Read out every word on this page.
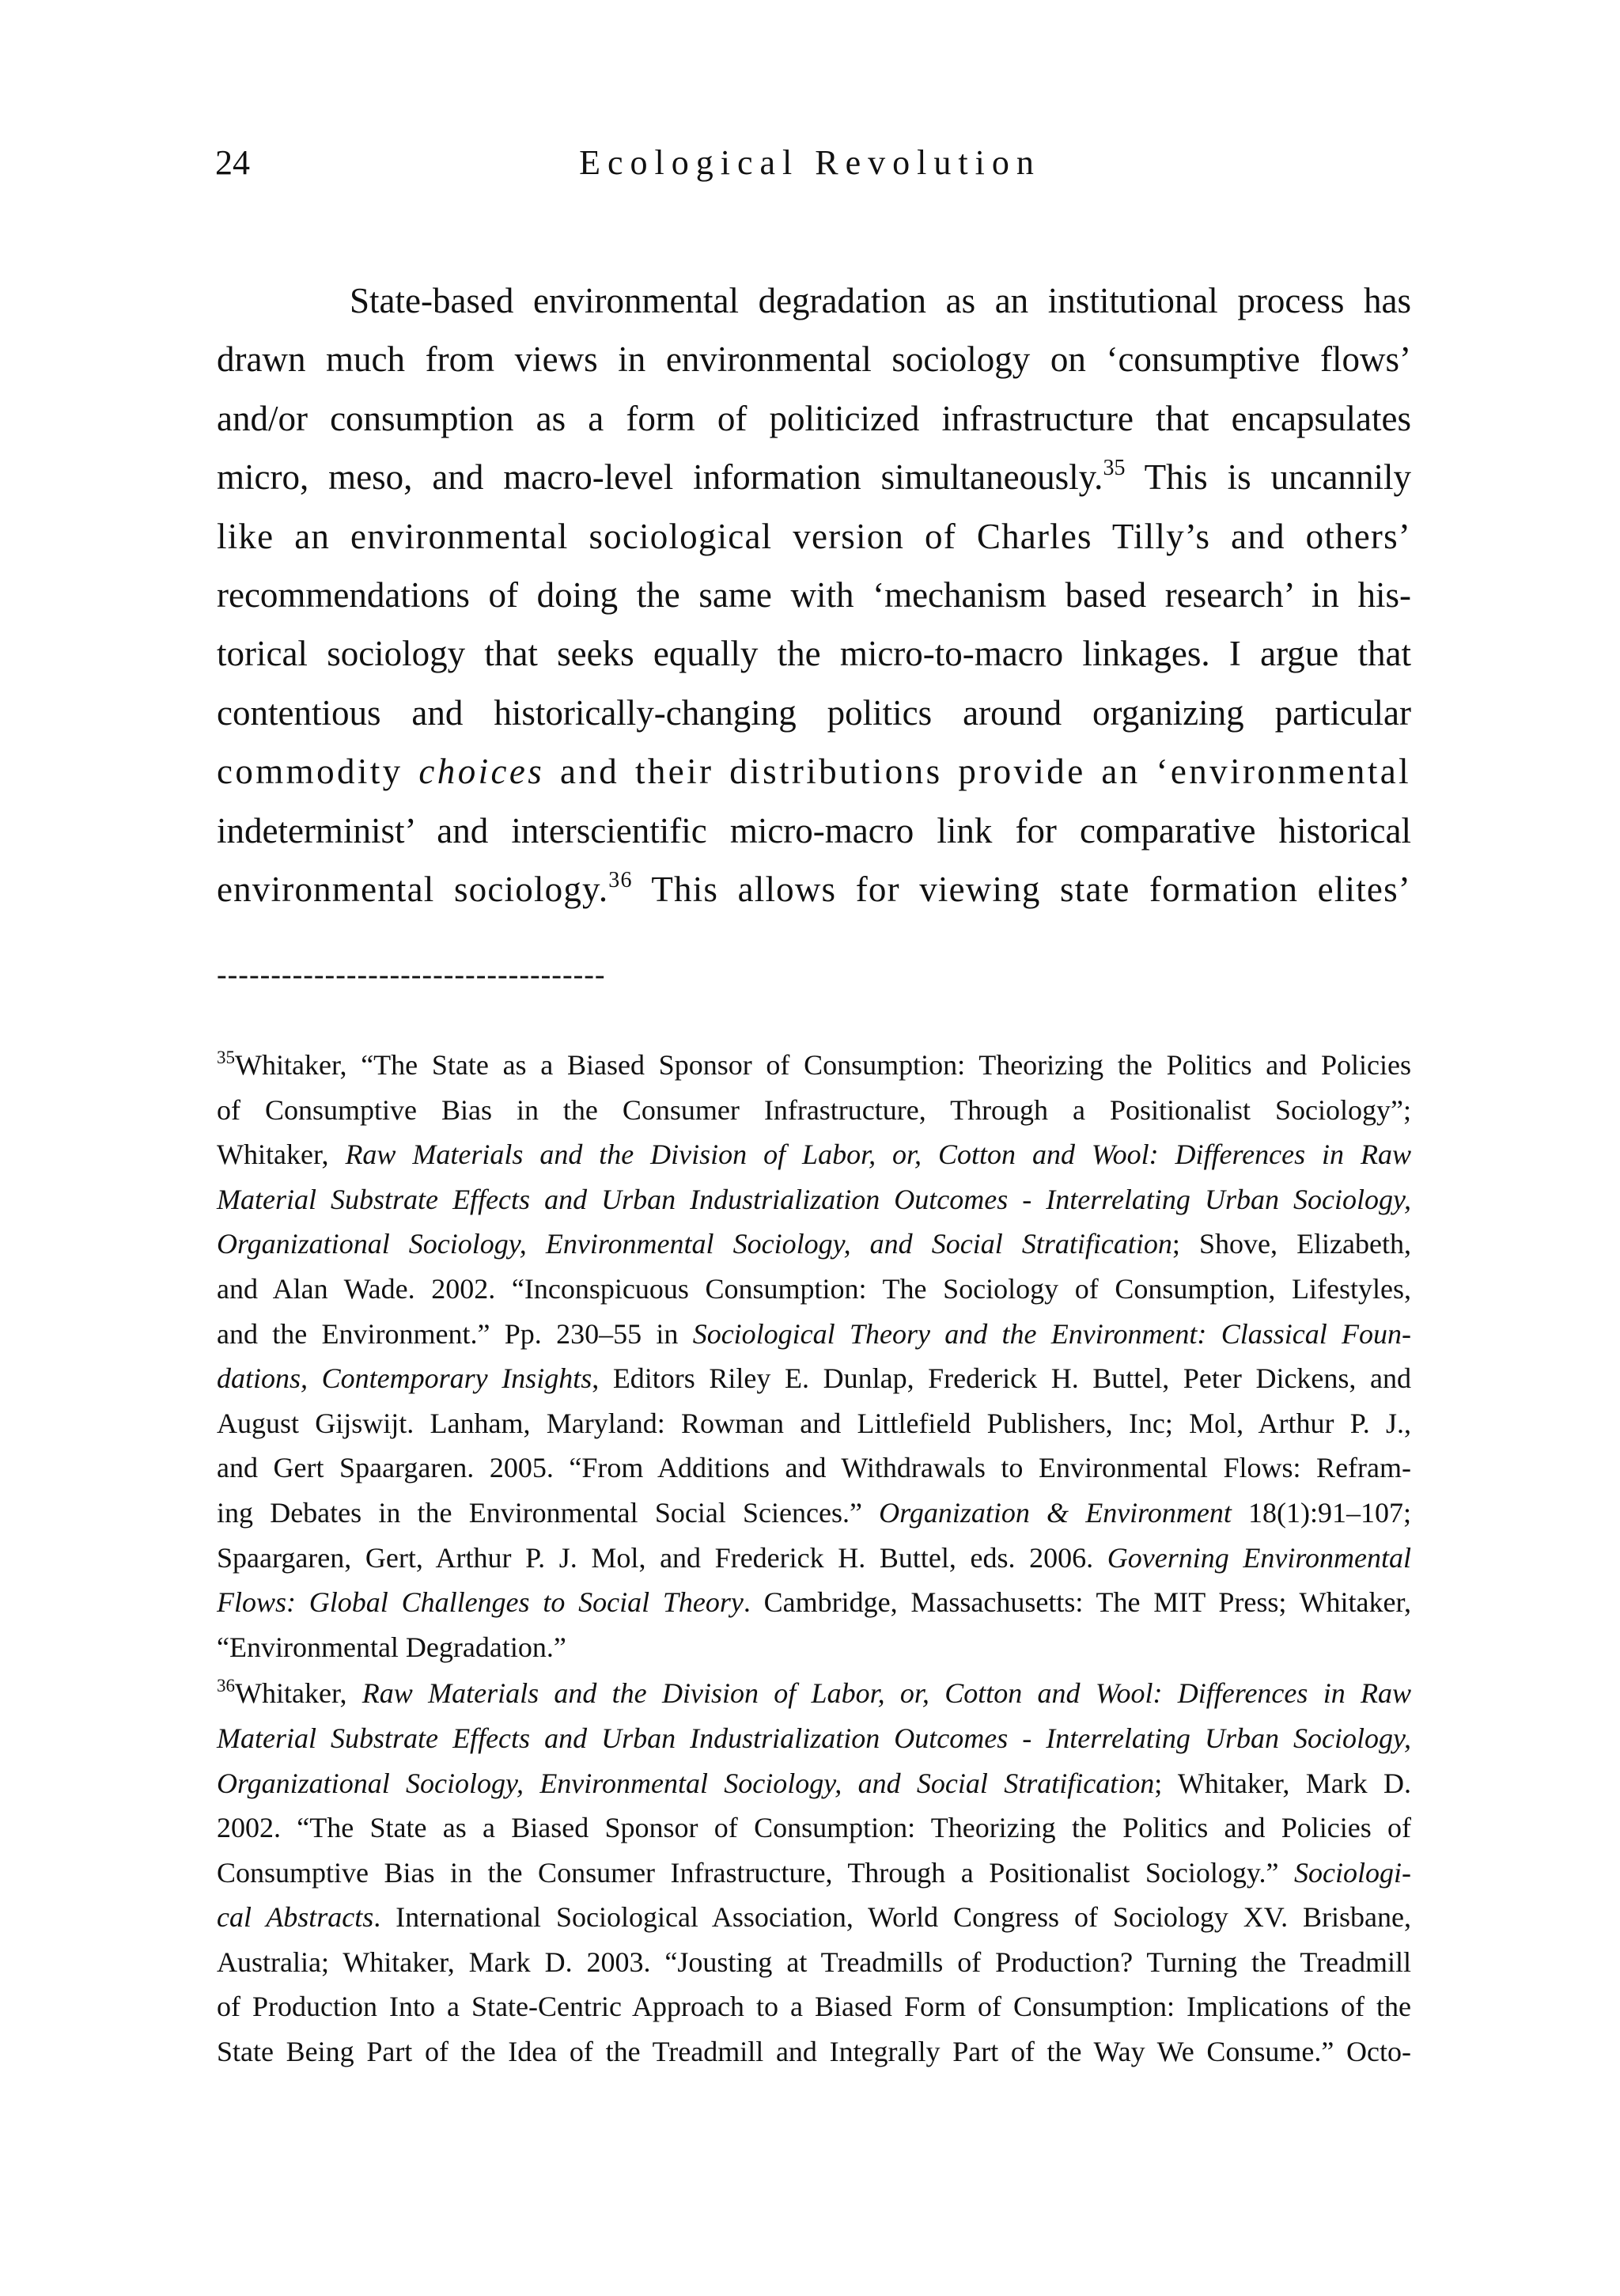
24	Ecological Revolution
State-based environmental degradation as an institutional process has
drawn much from views in environmental sociology on ‘consumptive flows’
and/or consumption as a form of politicized infrastructure that encapsulates
micro, meso, and macro-level information simultaneously.$^{35}$ This is uncannily
like an environmental sociological version of Charles Tilly’s and others’
recommendations of doing the same with ‘mechanism based research’ in his-
torical sociology that seeks equally the micro-to-macro linkages. I argue that
contentious and historically-changing politics around organizing particular
commodity choices and their distributions provide an ‘environmental
indeterminist’ and interscientific micro-macro link for comparative historical
environmental sociology.$^{36}$ This allows for viewing state formation elites’
------------------------------------
$^{35}$Whitaker, “The State as a Biased Sponsor of Consumption: Theorizing the Politics and Policies
of Consumptive Bias in the Consumer Infrastructure, Through a Positionalist Sociology”;
Whitaker, Raw Materials and the Division of Labor, or, Cotton and Wool: Differences in Raw
Material Substrate Effects and Urban Industrialization Outcomes - Interrelating Urban Sociology,
Organizational Sociology, Environmental Sociology, and Social Stratification; Shove, Elizabeth,
and Alan Wade. 2002. “Inconspicuous Consumption: The Sociology of Consumption, Lifestyles,
and the Environment.” Pp. 230–55 in Sociological Theory and the Environment: Classical Foun-
dations, Contemporary Insights, Editors Riley E. Dunlap, Frederick H. Buttel, Peter Dickens, and
August Gijswijt. Lanham, Maryland: Rowman and Littlefield Publishers, Inc; Mol, Arthur P. J.,
and Gert Spaargaren. 2005. “From Additions and Withdrawals to Environmental Flows: Refram-
ing Debates in the Environmental Social Sciences.” Organization & Environment 18(1):91–107;
Spaargaren, Gert, Arthur P. J. Mol, and Frederick H. Buttel, eds. 2006. Governing Environmental
Flows: Global Challenges to Social Theory. Cambridge, Massachusetts: The MIT Press; Whitaker,
“Environmental Degradation.”
$^{36}$Whitaker, Raw Materials and the Division of Labor, or, Cotton and Wool: Differences in Raw
Material Substrate Effects and Urban Industrialization Outcomes - Interrelating Urban Sociology,
Organizational Sociology, Environmental Sociology, and Social Stratification; Whitaker, Mark D.
2002. “The State as a Biased Sponsor of Consumption: Theorizing the Politics and Policies of
Consumptive Bias in the Consumer Infrastructure, Through a Positionalist Sociology.” Sociologi-
cal Abstracts. International Sociological Association, World Congress of Sociology XV. Brisbane,
Australia; Whitaker, Mark D. 2003. “Jousting at Treadmills of Production? Turning the Treadmill
of Production Into a State-Centric Approach to a Biased Form of Consumption: Implications of the
State Being Part of the Idea of the Treadmill and Integrally Part of the Way We Consume.” Octo-
